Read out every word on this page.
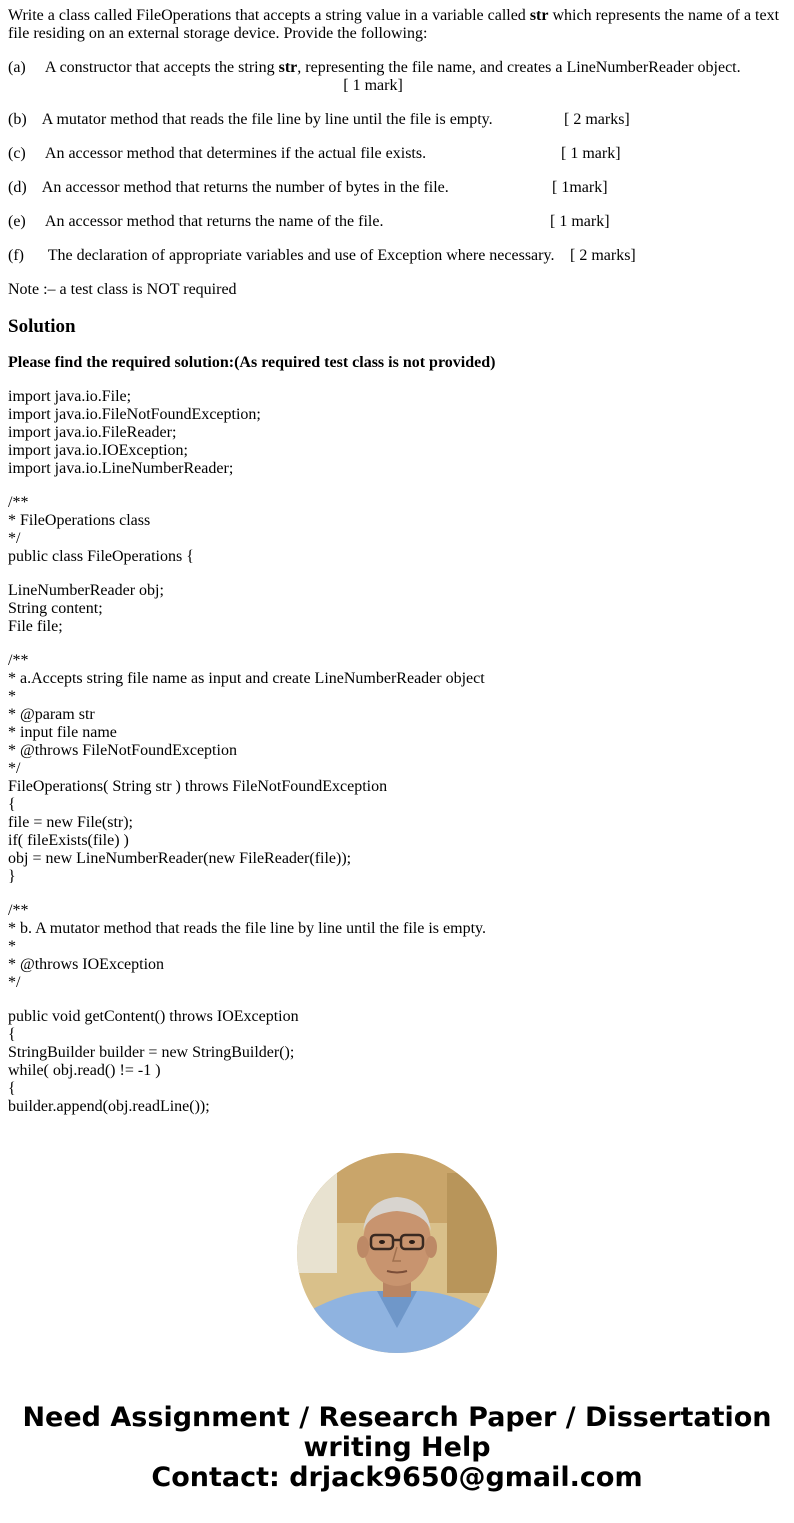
Write a class called FileOperations that accepts a string value in a variable called str which represents the name of a text file residing on an external storage device. Provide the following:

(a) A constructor that accepts the string str, representing the file name, and creates a LineNumberReader object.
[ 1 mark]

(b) A mutator method that reads the file line by line until the file is empty.	[ 2 marks]

(c) An accessor method that determines if the actual file exists.	[ 1 mark]

(d) An accessor method that returns the number of bytes in the file.	[ 1mark]

(e) An accessor method that returns the name of the file.	[ 1 mark]

(f) The declaration of appropriate variables and use of Exception where necessary. [ 2 marks]

Note :– a test class is NOT required

Solution

Please find the required solution:(As required test class is not provided)

import java.io.File;
import java.io.FileNotFoundException;
import java.io.FileReader;
import java.io.IOException;
import java.io.LineNumberReader;
/**
* FileOperations class
*/
public class FileOperations {
LineNumberReader obj;
String content;
File file;
/**
* a.Accepts string file name as input and create LineNumberReader object
*
* @param str
* input file name
* @throws FileNotFoundException
*/
FileOperations( String str ) throws FileNotFoundException
{
file = new File(str);
if( fileExists(file) )
obj = new LineNumberReader(new FileReader(file));
}
/**
* b. A mutator method that reads the file line by line until the file is empty.
*
* @throws IOException
*/
public void getContent() throws IOException
{
StringBuilder builder = new StringBuilder();
while( obj.read() != -1 )
{
builder.append(obj.readLine());
Need Assignment / Research Paper / Dissertation
writing Help
Contact: drjack9650@gmail.com
